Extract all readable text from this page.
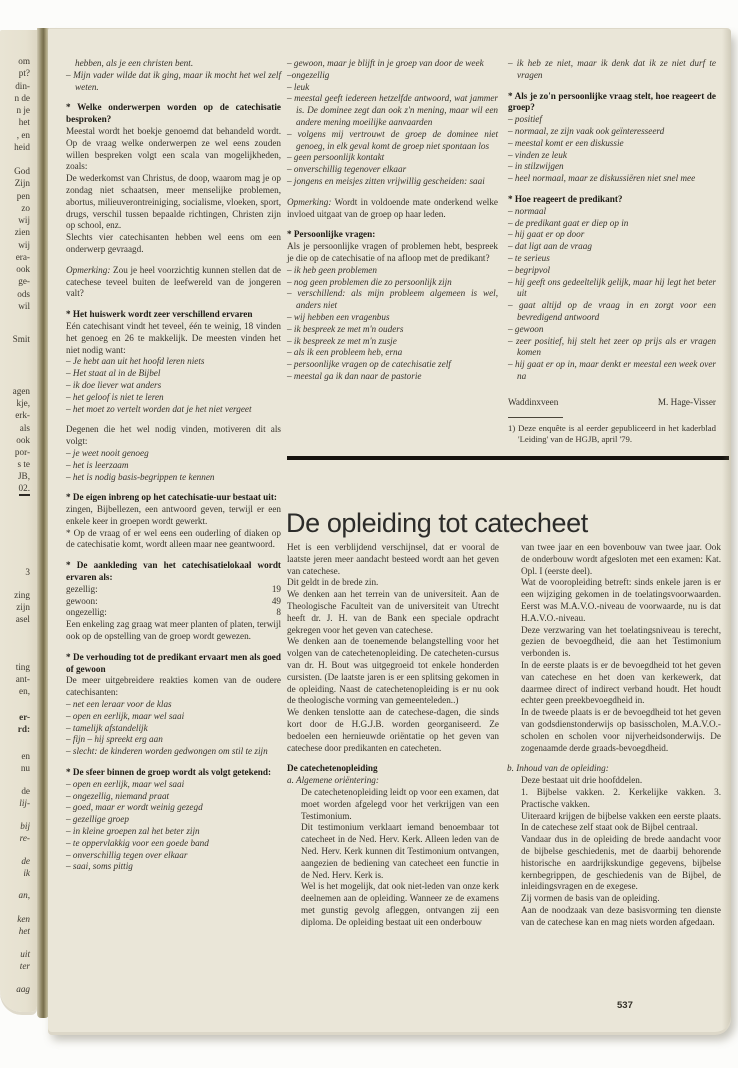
om
pt?
din-
n de
n je
het
, en
heid
God
Zijn
pen
zo
wij
zien
wij
era-
ook
ge-
ods
wil
Smit
agen
kje,
erk-
als
ook
por-
s te
JB,
02.
3
zing
zijn
asel
ting
ant-
en,
er-
rd:
en
nu
de
lij-
bij
re-
de
ik
an,
ken
het
uit
ter
aag

hebben, als je een christen bent.

– Mijn vader wilde dat ik ging, maar ik mocht het wel zelf weten.

* Welke onderwerpen worden op de catechisatie besproken?

Meestal wordt het boekje genoemd dat behandeld wordt. Op de vraag welke onderwerpen ze wel eens zouden willen bespreken volgt een scala van mogelijkheden, zoals:

De wederkomst van Christus, de doop, waarom mag je op zondag niet schaatsen, meer menselijke problemen, abortus, milieuverontreiniging, socialisme, vloeken, sport, drugs, verschil tussen bepaalde richtingen, Christen zijn op school, enz.

Slechts vier catechisanten hebben wel eens om een onderwerp gevraagd.

Opmerking: Zou je heel voorzichtig kunnen stellen dat de catechese teveel buiten de leefwereld van de jongeren valt?

* Het huiswerk wordt zeer verschillend ervaren

Eén catechisant vindt het teveel, één te weinig, 18 vinden het genoeg en 26 te makkelijk. De meesten vinden het niet nodig want:

– Je hebt aan uit het hoofd leren niets

– Het staat al in de Bijbel

– ik doe liever wat anders

– het geloof is niet te leren

– het moet zo vertelt worden dat je het niet vergeet

Degenen die het wel nodig vinden, motiveren dit als volgt:

– je weet nooit genoeg

– het is leerzaam

– het is nodig basis-begrippen te kennen

* De eigen inbreng op het catechisatie-uur bestaat uit:

zingen, Bijbellezen, een antwoord geven, terwijl er een enkele keer in groepen wordt gewerkt.

* Op de vraag of er wel eens een ouderling of diaken op de catechisatie komt, wordt alleen maar nee geantwoord.

* De aankleding van het catechisatielokaal wordt ervaren als:

gezellig:	19

gewoon:	49

ongezellig:	8

Een enkeling zag graag wat meer planten of platen, terwijl ook op de opstelling van de groep wordt gewezen.

* De verhouding tot de predikant ervaart men als goed of gewoon

De meer uitgebreidere reakties komen van de oudere catechisanten:

– net een leraar voor de klas

– open en eerlijk, maar wel saai

– tamelijk afstandelijk

– fijn – hij spreekt erg aan

– slecht: de kinderen worden gedwongen om stil te zijn

* De sfeer binnen de groep wordt als volgt getekend:

– open en eerlijk, maar wel saai

– ongezellig, niemand praat

– goed, maar er wordt weinig gezegd

– gezellige groep

– in kleine groepen zal het beter zijn

– te oppervlakkig voor een goede band

– onverschillig tegen over elkaar

– saai, soms pittig

– gewoon, maar je blijft in je groep van door de week

–ongezellig

– leuk

– meestal geeft iedereen hetzelfde antwoord, wat jammer is. De dominee zegt dan ook z'n mening, maar wil een andere mening moeilijke aanvaarden

– volgens mij vertrouwt de groep de dominee niet genoeg, in elk geval komt de groep niet spontaan los

– geen persoonlijk kontakt

– onverschillig tegenover elkaar

– jongens en meisjes zitten vrijwillig gescheiden: saai

Opmerking: Wordt in voldoende mate onderkend welke invloed uitgaat van de groep op haar leden.

* Persoonlijke vragen:

Als je persoonlijke vragen of problemen hebt, bespreek je die op de catechisatie of na afloop met de predikant?

– ik heb geen problemen

– nog geen problemen die zo persoonlijk zijn

– verschillend: als mijn probleem algemeen is wel, anders niet

– wij hebben een vragenbus

– ik bespreek ze met m'n ouders

– ik bespreek ze met m'n zusje

– als ik een probleem heb, erna

– persoonlijke vragen op de catechisatie zelf

– meestal ga ik dan naar de pastorie

– ik heb ze niet, maar ik denk dat ik ze niet durf te vragen

* Als je zo'n persoonlijke vraag stelt, hoe reageert de groep?

– positief

– normaal, ze zijn vaak ook geïnteresseerd

– meestal komt er een diskussie

– vinden ze leuk

– in stilzwijgen

– heel normaal, maar ze diskussiëren niet snel mee

* Hoe reageert de predikant?

– normaal

– de predikant gaat er diep op in

– hij gaat er op door

– dat ligt aan de vraag

– te serieus

– begripvol

– hij geeft ons gedeeltelijk gelijk, maar hij legt het beter uit

– gaat altijd op de vraag in en zorgt voor een bevredigend antwoord

– gewoon

– zeer positief, hij stelt het zeer op prijs als er vragen komen

– hij gaat er op in, maar denkt er meestal een week over na

Waddinxveen	M. Hage-Visser

1) Deze enquête is al eerder gepubliceerd in het kaderblad 'Leiding' van de HGJB, april '79.

De opleiding tot catecheet

Het is een verblijdend verschijnsel, dat er vooral de laatste jeren meer aandacht besteed wordt aan het geven van catechese.

Dit geldt in de brede zin.

We denken aan het terrein van de universiteit. Aan de Theologische Faculteit van de universiteit van Utrecht heeft dr. J. H. van de Bank een speciale opdracht gekregen voor het geven van catechese.

We denken aan de toenemende belangstelling voor het volgen van de catechetenopleiding. De catecheten-cursus van dr. H. Bout was uitgegroeid tot enkele honderden cursisten. (De laatste jaren is er een splitsing gekomen in de opleiding. Naast de catechetenopleiding is er nu ook de theologische vorming van gemeenteleden..)

We denken tenslotte aan de catechese-dagen, die sinds kort door de H.G.J.B. worden georganiseerd. Ze bedoelen een hernieuwde oriëntatie op het geven van catechese door predikanten en catecheten.

De catechetenopleiding

a. Algemene oriëntering:

De catechetenopleiding leidt op voor een examen, dat moet worden afgelegd voor het verkrijgen van een Testimonium.

Dit testimonium verklaart iemand benoembaar tot catecheet in de Ned. Herv. Kerk. Alleen leden van de Ned. Herv. Kerk kunnen dit Testimonium ontvangen, aangezien de bediening van catecheet een functie in de Ned. Herv. Kerk is.

Wel is het mogelijk, dat ook niet-leden van onze kerk deelnemen aan de opleiding. Wanneer ze de examens met gunstig gevolg afleggen, ontvangen zij een diploma. De opleiding bestaat uit een onderbouw

van twee jaar en een bovenbouw van twee jaar. Ook de onderbouw wordt afgesloten met een examen: Kat. Opl. I (eerste deel).

Wat de vooropleiding betreft: sinds enkele jaren is er een wijziging gekomen in de toelatingsvoorwaarden. Eerst was M.A.V.O.-niveau de voorwaarde, nu is dat H.A.V.O.-niveau.

Deze verzwaring van het toelatingsniveau is terecht, gezien de bevoegdheid, die aan het Testimonium verbonden is.

In de eerste plaats is er de bevoegdheid tot het geven van catechese en het doen van kerkewerk, dat daarmee direct of indirect verband houdt. Het houdt echter geen preekbevoegdheid in.

In de tweede plaats is er de bevoegdheid tot het geven van godsdienstonderwijs op basisscholen, M.A.V.O.-scholen en scholen voor nijverheidsonderwijs. De zogenaamde derde graads-bevoegdheid.

b. Inhoud van de opleiding:

Deze bestaat uit drie hoofddelen.

1. Bijbelse vakken. 2. Kerkelijke vakken. 3. Practische vakken.

Uiteraard krijgen de bijbelse vakken een eerste plaats. In de catechese zelf staat ook de Bijbel centraal.

Vandaar dus in de opleiding de brede aandacht voor de bijbelse geschiedenis, met de daarbij behorende historische en aardrijkskundige gegevens, bijbelse kernbegrippen, de geschiedenis van de Bijbel, de inleidingsvragen en de exegese.

Zij vormen de basis van de opleiding.

Aan de noodzaak van deze basisvorming ten dienste van de catechese kan en mag niets worden afgedaan.

537
